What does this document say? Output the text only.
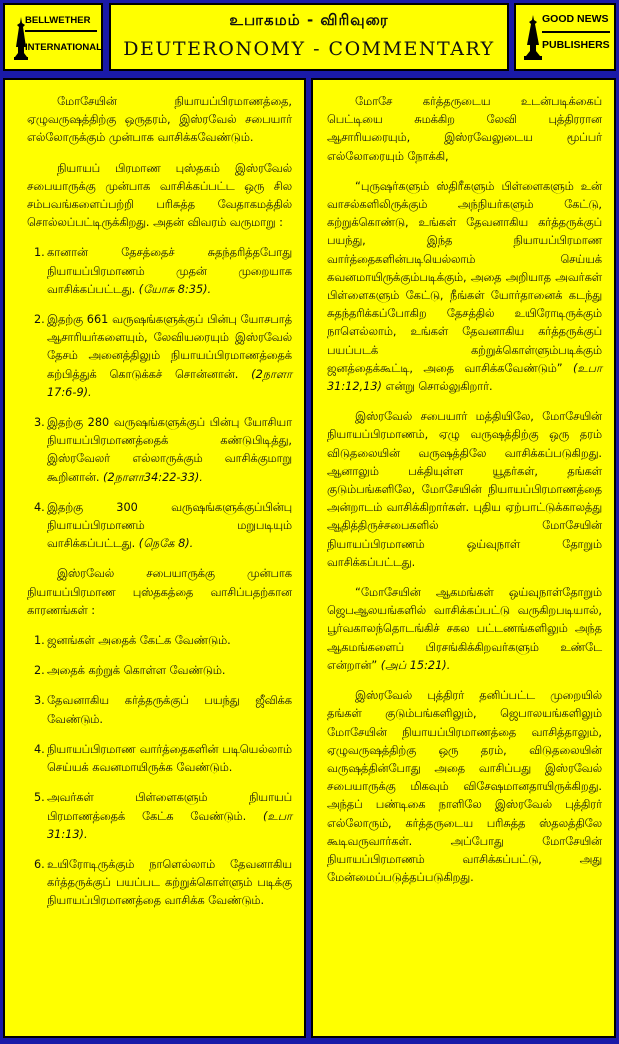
BELLWETHER
INTERNATIONAL
உபாகமம் - விரிவுரை
DEUTERONOMY - COMMENTARY
GOOD NEWS
PUBLISHERS

மோசேயின் நியாயப்பிரமாணத்தை, ஏழுவருஷத்திற்கு ஒருதரம், இஸ்ரவேல் சபையார் எல்லோருக்கும் முன்பாக வாசிக்கவேண்டும்.

நியாயப் பிரமாண புஸ்தகம் இஸ்ரவேல் சபையாருக்கு முன்பாக வாசிக்கப்பட்ட ஒரு சில சம்பவங்களைப்பற்றி பரிசுத்த வேதாகமத்தில் சொல்லப்பட்டிருக்கிறது. அதன் விவரம் வருமாறு :

1. கானான் தேசத்தைச் சுதந்தரித்தபோது நியாயப்பிரமாணம் முதன் முறையாக வாசிக்கப்பட்டது. (யோசு 8:35).
2. இதற்கு 661 வருஷங்களுக்குப் பின்பு யோசபாத் ஆசாரியர்களையும், லேவியரையும் இஸ்ரவேல் தேசம் அனைத்திலும் நியாயப்பிரமாணத்தைக் கற்பித்துக் கொடுக்கச் சொன்னான். (2நாளா 17:6-9).
3. இதற்கு 280 வருஷங்களுக்குப் பின்பு யோசியா நியாயப்பிரமாணத்தைக் கண்டுபிடித்து, இஸ்ரவேலர் எல்லாருக்கும் வாசிக்குமாறு கூறினான். (2நாளா34:22-33).
4. இதற்கு 300 வருஷங்களுக்குப்பின்பு நியாயப்பிரமாணம் மறுபடியும் வாசிக்கப்பட்டது. (நெகே 8).

இஸ்ரவேல் சபையாருக்கு முன்பாக நியாயப்பிரமாண புஸ்தகத்தை வாசிப்பதற்கான காரணங்கள் :

1. ஜனங்கள் அதைக் கேட்க வேண்டும்.
2. அதைக் கற்றுக் கொள்ள வேண்டும்.
3. தேவனாகிய கர்த்தருக்குப் பயந்து ஜீவிக்க வேண்டும்.
4. நியாயப்பிரமாண வார்த்தைகளின் படியெல்லாம் செய்யக் கவனமாயிருக்க வேண்டும்.
5. அவர்கள் பிள்ளைகளும் நியாயப் பிரமாணத்தைக் கேட்க வேண்டும். (உபா 31:13).
6. உயிரோடிருக்கும் நாளெல்லாம் தேவனாகிய கர்த்தருக்குப் பயப்பட கற்றுக்கொள்ளும் படிக்கு நியாயப்பிரமாணத்தை வாசிக்க வேண்டும்.

மோசே கர்த்தருடைய உடன்படிக்கைப் பெட்டியை சுமக்கிற லேவி புத்திரரான ஆசாரியரையும், இஸ்ரவேலுடைய மூப்பர் எல்லோரையும் நோக்கி,

“புருஷர்களும் ஸ்திரீகளும் பிள்ளைகளும் உன் வாசல்களிலிருக்கும் அந்நியர்களும் கேட்டு, கற்றுக்கொண்டு, உங்கள் தேவனாகிய கர்த்தருக்குப் பயந்து, இந்த நியாயப்பிரமாண வார்த்தைகளின்படியெல்லாம் செய்யக் கவனமாயிருக்கும்படிக்கும், அதை அறியாத அவர்கள் பிள்ளைகளும் கேட்டு, நீங்கள் யோர்தானைக் கடந்து சுதந்தரிக்கப்போகிற தேசத்தில் உயிரோடிருக்கும் நாளெல்லாம், உங்கள் தேவனாகிய கர்த்தருக்குப் பயப்படக் கற்றுக்கொள்ளும்படிக்கும் ஜனத்தைக்கூட்டி, அதை வாசிக்கவேண்டும்” (உபா 31:12,13) என்று சொல்லுகிறார்.

இஸ்ரவேல் சபையார் மத்தியிலே, மோசேயின் நியாயப்பிரமாணம், ஏழு வருஷத்திற்கு ஒரு தரம் விடுதலையின் வருஷத்திலே வாசிக்கப்படுகிறது. ஆனாலும் பக்தியுள்ள யூதர்கள், தங்கள் குடும்பங்களிலே, மோசேயின் நியாயப்பிரமாணத்தை அன்றாடம் வாசிக்கிறார்கள். புதிய ஏற்பாட்டுக்காலத்து ஆதித்திருச்சபைகளில் மோசேயின் நியாயப்பிரமாணம் ஒய்வுநாள் தோறும் வாசிக்கப்பட்டது.

“மோசேயின் ஆகமங்கள் ஒய்வுநாள்தோறும் ஜெபஆலயங்களில் வாசிக்கப்பட்டு வருகிறபடியால், பூர்வகாலந்தொடங்கிச் சகல பட்டணங்களிலும் அந்த ஆகமங்களைப் பிரசங்கிக்கிறவர்களும் உண்டே என்றான்” (அப் 15:21).

இஸ்ரவேல் புத்திரர் தனிப்பட்ட முறையில் தங்கள் குடும்பங்களிலும், ஜெபாலயங்களிலும் மோசேயின் நியாயப்பிரமாணத்தை வாசித்தாலும், ஏழுவருஷத்திற்கு ஒரு தரம், விடுதலையின் வருஷத்தின்போது அதை வாசிப்பது இஸ்ரவேல் சபையாருக்கு மிகவும் விசேஷமானதாயிருக்கிறது. அந்தப் பண்டிகை நாளிலே இஸ்ரவேல் புத்திரர் எல்லோரும், கர்த்தருடைய பரிசுத்த ஸ்தலத்திலே கூடிவருவார்கள். அப்போது மோசேயின் நியாயப்பிரமாணம் வாசிக்கப்பட்டு, அது மேன்மைப்படுத்தப்படுகிறது.
